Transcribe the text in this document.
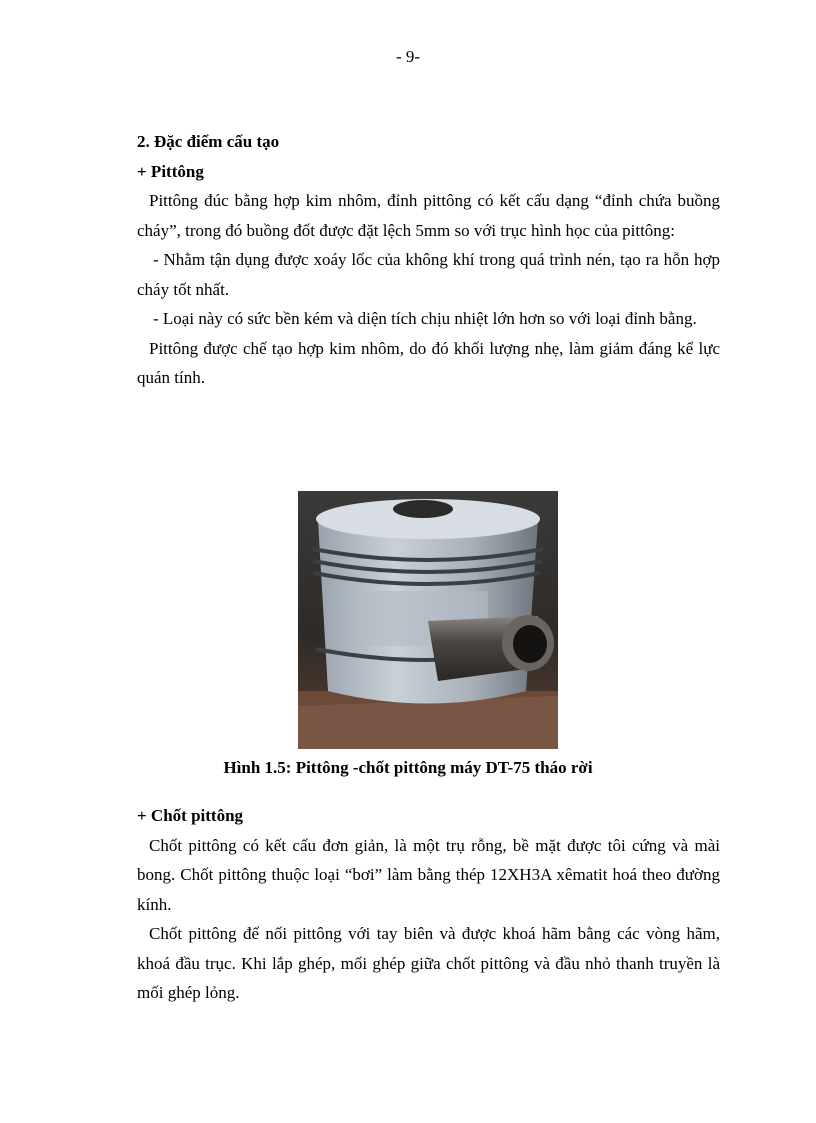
- 9-
2. Đặc điểm cấu tạo
+ Pittông

Pittông đúc bằng hợp kim nhôm, đỉnh pittông có kết cấu dạng “đỉnh chứa buồng cháy”, trong đó buồng đốt được đặt lệch 5mm so với trục hình học của pittông:

- Nhằm tận dụng được xoáy lốc của không khí trong quá trình nén, tạo ra hỗn hợp cháy tốt nhất.

- Loại này có sức bền kém và diện tích chịu nhiệt lớn hơn so với loại đỉnh bằng.

Pittông được chế tạo hợp kim nhôm, do đó khối lượng nhẹ, làm giảm đáng kể lực quán tính.

Hình 1.5: Pittông -chốt pittông máy DT-75 tháo rời
+ Chốt pittông

Chốt pittông có kết cấu đơn giản, là một trụ rỗng, bề mặt được tôi cứng và mài bong. Chốt pittông thuộc loại “bơi” làm bằng thép 12XH3A xêmatit hoá theo đường kính.

Chốt pittông để nối pittông với tay biên và được khoá hãm bằng các vòng hãm, khoá đầu trục. Khi lắp ghép, mối ghép giữa chốt pittông và đầu nhỏ thanh truyền là mối ghép lỏng.
